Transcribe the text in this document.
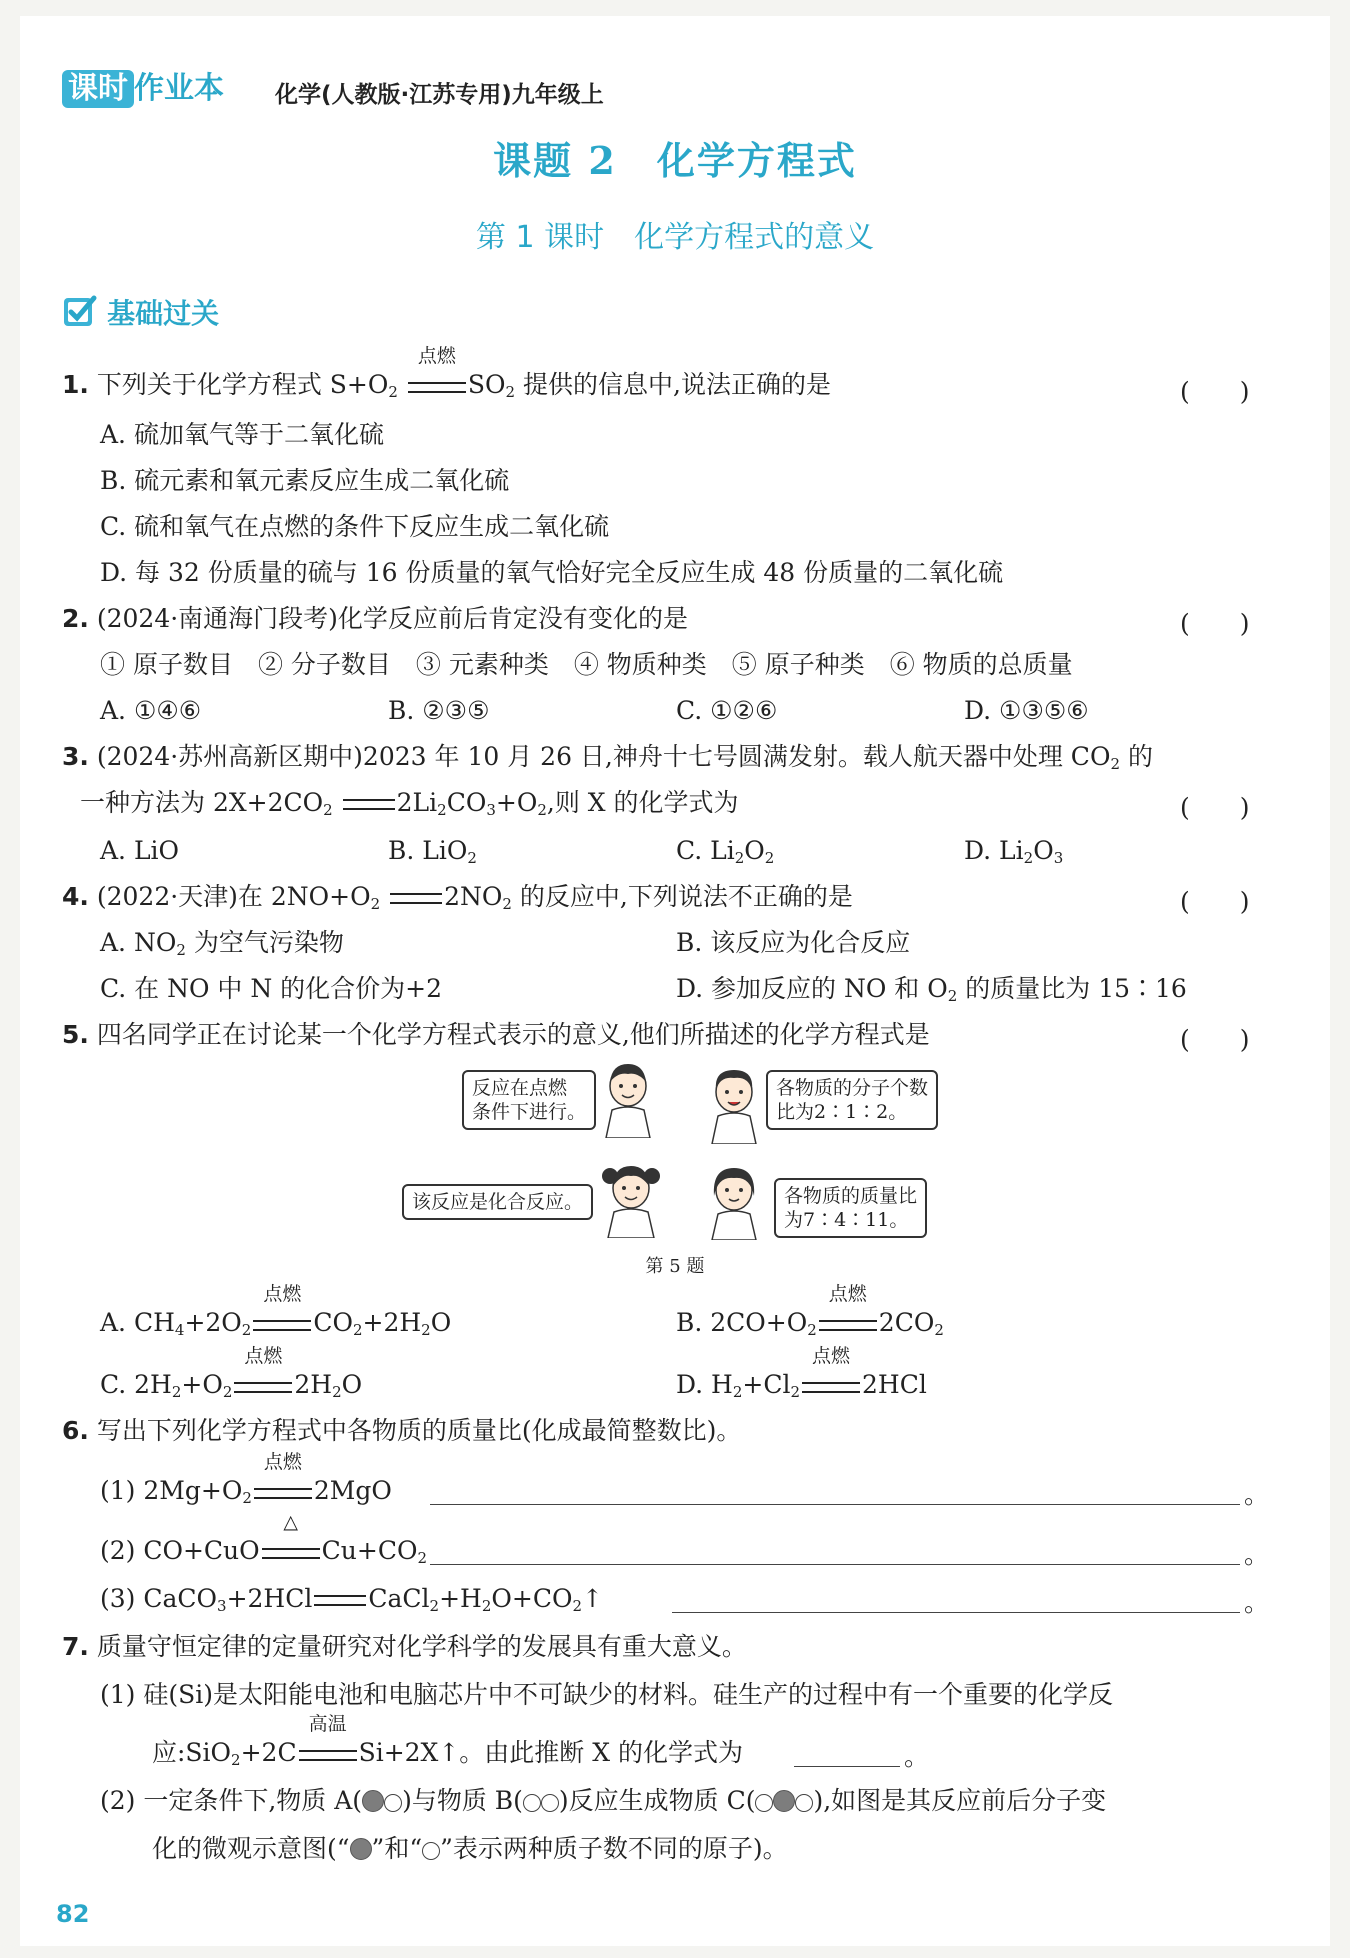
课时 作业本 化学(人教版·江苏专用)九年级上
课题 2　化学方程式
第 1 课时　化学方程式的意义
基础过关
1. 下列关于化学方程式 $S+O_2$
点燃
$SO_2$ 提供的信息中,说法正确的是	(　　)
A. 硫加氧气等于二氧化硫
B. 硫元素和氧元素反应生成二氧化硫
C. 硫和氧气在点燃的条件下反应生成二氧化硫
D. 每 32 份质量的硫与 16 份质量的氧气恰好完全反应生成 48 份质量的二氧化硫
2. (2024·南通海门段考)化学反应前后肯定没有变化的是	(　　)
① 原子数目　② 分子数目　③ 元素种类　④ 物质种类　⑤ 原子种类　⑥ 物质的总质量
A. ①④⑥	B. ②③⑤	C. ①②⑥	D. ①③⑤⑥
3. (2024·苏州高新区期中)2023 年 10 月 26 日,神舟十七号圆满发射。载人航天器中处理 $CO_2$ 的
一种方法为 $2X+2CO_2$	$2Li_2CO_3+O_2$,则 X 的化学式为	(　　)
A. LiO	B. LiO$_2$	C. $Li_2O_2$	D. $Li_2O_3$
4. (2022·天津)在 $2NO+O_2$	$2NO_2$ 的反应中,下列说法不正确的是	(　　)
A. $NO_2$ 为空气污染物	B. 该反应为化合反应
C. 在 NO 中 N 的化合价为+2	D. 参加反应的 NO 和 $O_2$ 的质量比为 15∶16
5. 四名同学正在讨论某一个化学方程式表示的意义,他们所描述的化学方程式是	(　　)
反应在点燃
条件下进行。
各物质的分子个数
比为2∶1∶2。
该反应是化合反应。	各物质的质量比
为7∶4∶11。
第 5 题
A. $CH_4+2O_2$
点燃
$CO_2+2H_2O$	B. $2CO+O_2$
点燃
$2CO_2$
C. $2H_2+O_2$
点燃
$2H_2O$	D. $H_2+Cl_2$
点燃
2HCl
6. 写出下列化学方程式中各物质的质量比(化成最简整数比)。
(1) $2Mg+O_2$
点燃
2MgO	。
(2) CO+CuO
△
$Cu+CO_2$	。
(3) CaCO$_3$+2HCl $CaCl_2+H_2O+CO_2↑$	。
7. 质量守恒定律的定量研究对化学科学的发展具有重大意义。
(1) 硅(Si)是太阳能电池和电脑芯片中不可缺少的材料。硅生产的过程中有一个重要的化学反
应:SiO$_2$+2C
高温
Si+2X↑。由此推断 X 的化学式为	。
(2) 一定条件下,物质 A( )与物质 B( )反应生成物质 C( ),如图是其反应前后分子变
化的微观示意图(“ ”和“ ”表示两种质子数不同的原子)。
82
